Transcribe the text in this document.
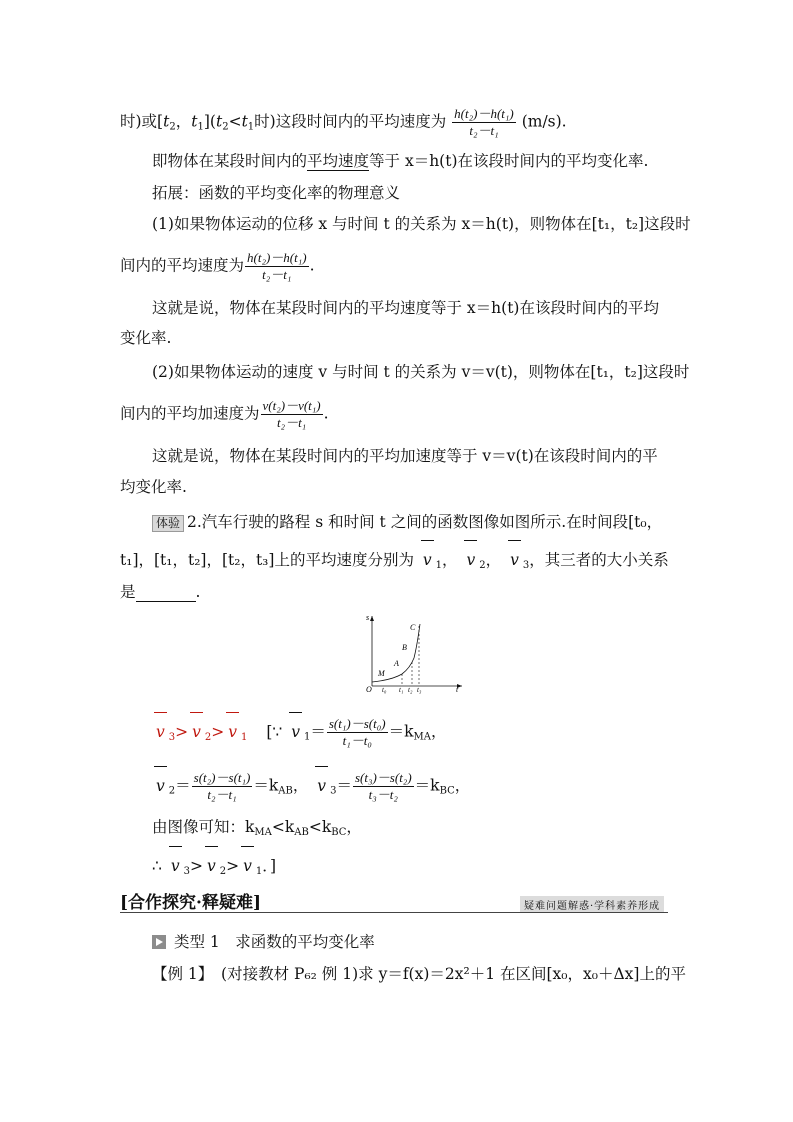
时)或[$t_2$，$t_1](t_2<t_1$时)这段时间内的平均速度为 $\frac{\text{h(t₂)－h(t₁)}}{\text{t₂－t₁}} (m/s)$.
即物体在某段时间内的平均速度等于 x＝h(t)在该段时间内的平均变化率.
拓展：函数的平均变化率的物理意义
(1)如果物体运动的位移 x 与时间 t 的关系为 x＝h(t)，则物体在[t₁，t₂]这段时
间内的平均速度为 $\frac{\text{h(t₂)－h(t₁)}}{\text{t₂－t₁}}$ .
这就是说，物体在某段时间内的平均速度等于 x＝h(t)在该段时间内的平均
变化率.
(2)如果物体运动的速度 v 与时间 t 的关系为 v＝v(t)，则物体在[t₁，t₂]这段时
间内的平均加速度为 $\frac{\text{v(t₂)－v(t₁)}}{\text{t₂－t₁}}$ .
这就是说，物体在某段时间内的平均加速度等于 v＝v(t)在该段时间内的平
均变化率.
体验 2.汽车行驶的路程 s 和时间 t 之间的函数图像如图所示.在时间段[t₀，
t₁]，[t₁，t₂]，[t₂，t₃]上的平均速度分别为 v $_1$， v $_2$， v $_3$，其三者的大小关系
是	.
s
t
O
M
A
B
C
t₀ t₁ t₂ t₃
v $_3$> v $_2$> v $_1$ [∵ v $_1= \frac{\text{s(t₁)－s(t₀)}}{\text{t₁－t₀}} =k_{MA}$，
v $_2= \frac{\text{s(t₂)－s(t₁)}}{\text{t₂－t₁}} =k_{AB}$， v $_3= \frac{\text{s(t₃)－s(t₂)}}{\text{t₃－t₂}} =k_{BC}$，
由图像可知：$k_{MA}<k_{AB}<k_{BC}$，
∴ v $_3$> v $_2$> v $_1$．]
[合作探究·释疑难]	疑难问题解惑·学科素养形成
类型 1　求函数的平均变化率
【例 1】　(对接教材 P₆₂ 例 1)求 y＝f(x)＝2x²＋1 在区间[x₀，x₀＋Δx]上的平
